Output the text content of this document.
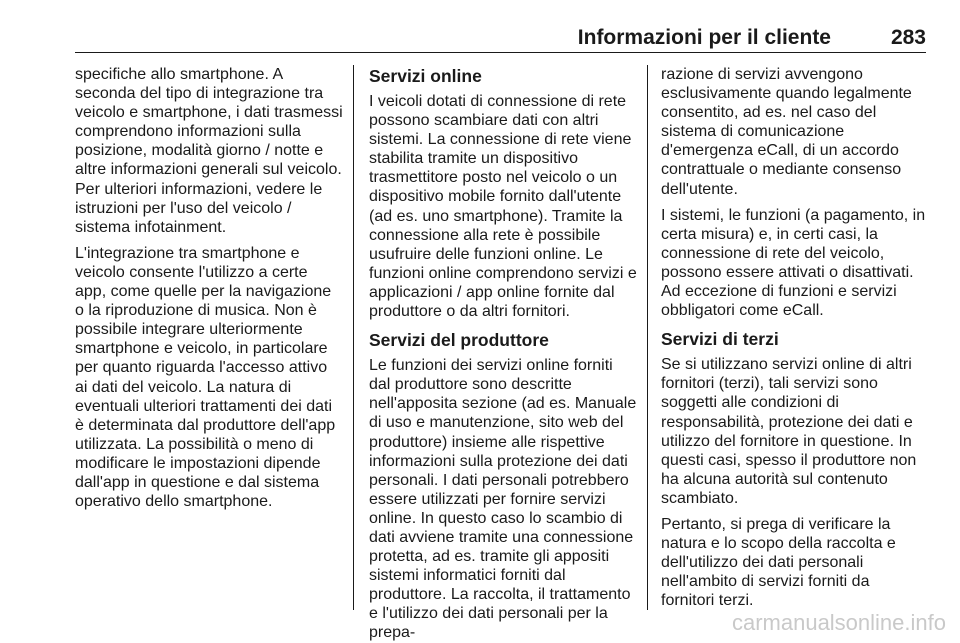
Informazioni per il cliente	283

specifiche allo smartphone. A seconda del tipo di integrazione tra veicolo e smartphone, i dati trasmessi comprendono informazioni sulla posizione, modalità giorno / notte e altre informazioni generali sul veicolo. Per ulteriori informazioni, vedere le istruzioni per l'uso del veicolo / sistema infotainment.

L'integrazione tra smartphone e veicolo consente l'utilizzo a certe app, come quelle per la navigazione o la riproduzione di musica. Non è possibile integrare ulteriormente smartphone e veicolo, in particolare per quanto riguarda l'accesso attivo ai dati del veicolo. La natura di eventuali ulteriori trattamenti dei dati è determinata dal produttore dell'app utilizzata. La possibilità o meno di modificare le impostazioni dipende dall'app in questione e dal sistema operativo dello smartphone.

Servizi online

I veicoli dotati di connessione di rete possono scambiare dati con altri sistemi. La connessione di rete viene stabilita tramite un dispositivo trasmettitore posto nel veicolo o un dispositivo mobile fornito dall'utente (ad es. uno smartphone). Tramite la connessione alla rete è possibile usufruire delle funzioni online. Le funzioni online comprendono servizi e applicazioni / app online fornite dal produttore o da altri fornitori.

Servizi del produttore

Le funzioni dei servizi online forniti dal produttore sono descritte nell'apposita sezione (ad es. Manuale di uso e manutenzione, sito web del produttore) insieme alle rispettive informazioni sulla protezione dei dati personali. I dati personali potrebbero essere utilizzati per fornire servizi online. In questo caso lo scambio di dati avviene tramite una connessione protetta, ad es. tramite gli appositi sistemi informatici forniti dal produttore. La raccolta, il trattamento e l'utilizzo dei dati personali per la prepa-

razione di servizi avvengono esclusivamente quando legalmente consentito, ad es. nel caso del sistema di comunicazione d'emergenza eCall, di un accordo contrattuale o mediante consenso dell'utente.

I sistemi, le funzioni (a pagamento, in certa misura) e, in certi casi, la connessione di rete del veicolo, possono essere attivati o disattivati. Ad eccezione di funzioni e servizi obbligatori come eCall.

Servizi di terzi

Se si utilizzano servizi online di altri fornitori (terzi), tali servizi sono soggetti alle condizioni di responsabilità, protezione dei dati e utilizzo del fornitore in questione. In questi casi, spesso il produttore non ha alcuna autorità sul contenuto scambiato.

Pertanto, si prega di verificare la natura e lo scopo della raccolta e dell'utilizzo dei dati personali nell'ambito di servizi forniti da fornitori terzi.

carmanualsonline.info
